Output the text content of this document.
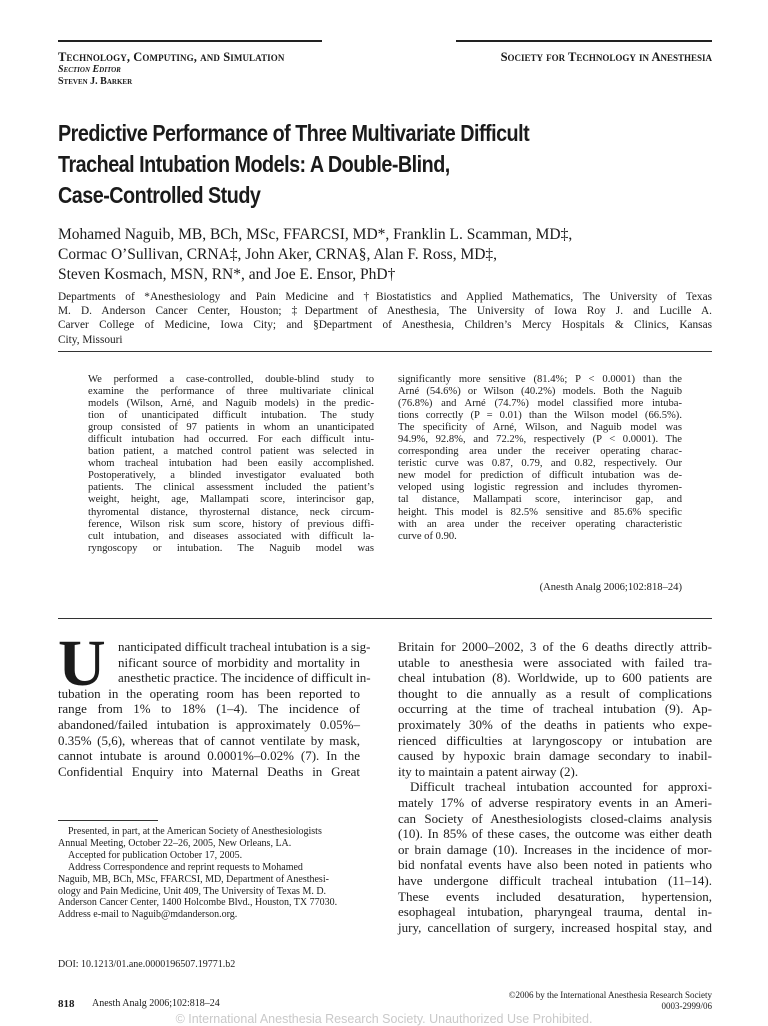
Technology, Computing, and Simulation
Section Editor
Steven J. Barker
Society for Technology in Anesthesia
Predictive Performance of Three Multivariate Difficult
Tracheal Intubation Models: A Double-Blind,
Case-Controlled Study
Mohamed Naguib, MB, BCh, MSc, FFARCSI, MD*, Franklin L. Scamman, MD‡,
Cormac O’Sullivan, CRNA‡, John Aker, CRNA§, Alan F. Ross, MD‡,
Steven Kosmach, MSN, RN*, and Joe E. Ensor, PhD†
Departments of *Anesthesiology and Pain Medicine and †Biostatistics and Applied Mathematics, The University of Texas
M. D. Anderson Cancer Center, Houston; ‡Department of Anesthesia, The University of Iowa Roy J. and Lucille A.
Carver College of Medicine, Iowa City; and §Department of Anesthesia, Children’s Mercy Hospitals & Clinics, Kansas
City, Missouri
We performed a case-controlled, double-blind study to
examine the performance of three multivariate clinical
models (Wilson, Arné, and Naguib models) in the predic-
tion of unanticipated difficult intubation. The study
group consisted of 97 patients in whom an unanticipated
difficult intubation had occurred. For each difficult intu-
bation patient, a matched control patient was selected in
whom tracheal intubation had been easily accomplished.
Postoperatively, a blinded investigator evaluated both
patients. The clinical assessment included the patient’s
weight, height, age, Mallampati score, interincisor gap,
thyromental distance, thyrosternal distance, neck circum-
ference, Wilson risk sum score, history of previous diffi-
cult intubation, and diseases associated with difficult la-
ryngoscopy or intubation. The Naguib model was
significantly more sensitive (81.4%; P < 0.0001) than the
Arné (54.6%) or Wilson (40.2%) models. Both the Naguib
(76.8%) and Arné (74.7%) model classified more intuba-
tions correctly (P = 0.01) than the Wilson model (66.5%).
The specificity of Arné, Wilson, and Naguib model was
94.9%, 92.8%, and 72.2%, respectively (P < 0.0001). The
corresponding area under the receiver operating charac-
teristic curve was 0.87, 0.79, and 0.82, respectively. Our
new model for prediction of difficult intubation was de-
veloped using logistic regression and includes thyromen-
tal distance, Mallampati score, interincisor gap, and
height. This model is 82.5% sensitive and 85.6% specific
with an area under the receiver operating characteristic
curve of 0.90.
(Anesth Analg 2006;102:818–24)
U nanticipated difficult tracheal intubation is a sig-
nificant source of morbidity and mortality in
anesthetic practice. The incidence of difficult in-
tubation in the operating room has been reported to
range from 1% to 18% (1–4). The incidence of
abandoned/failed intubation is approximately 0.05%–
0.35% (5,6), whereas that of cannot ventilate by mask,
cannot intubate is around 0.0001%–0.02% (7). In the
Confidential Enquiry into Maternal Deaths in Great
Britain for 2000–2002, 3 of the 6 deaths directly attrib-
utable to anesthesia were associated with failed tra-
cheal intubation (8). Worldwide, up to 600 patients are
thought to die annually as a result of complications
occurring at the time of tracheal intubation (9). Ap-
proximately 30% of the deaths in patients who expe-
rienced difficulties at laryngoscopy or intubation are
caused by hypoxic brain damage secondary to inabil-
ity to maintain a patent airway (2).
Difficult tracheal intubation accounted for approxi-
mately 17% of adverse respiratory events in an Ameri-
can Society of Anesthesiologists closed-claims analysis
(10). In 85% of these cases, the outcome was either death
or brain damage (10). Increases in the incidence of mor-
bid nonfatal events have also been noted in patients who
have undergone difficult tracheal intubation (11–14).
These events included desaturation, hypertension,
esophageal intubation, pharyngeal trauma, dental in-
jury, cancellation of surgery, increased hospital stay, and
Presented, in part, at the American Society of Anesthesiologists
Annual Meeting, October 22–26, 2005, New Orleans, LA.
Accepted for publication October 17, 2005.
Address Correspondence and reprint requests to Mohamed
Naguib, MB, BCh, MSc, FFARCSI, MD, Department of Anesthesi-
ology and Pain Medicine, Unit 409, The University of Texas M. D.
Anderson Cancer Center, 1400 Holcombe Blvd., Houston, TX 77030.
Address e-mail to Naguib@mdanderson.org.
DOI: 10.1213/01.ane.0000196507.19771.b2
818 Anesth Analg 2006;102:818–24
©2006 by the International Anesthesia Research Society
0003-2999/06
© International Anesthesia Research Society. Unauthorized Use Prohibited.
